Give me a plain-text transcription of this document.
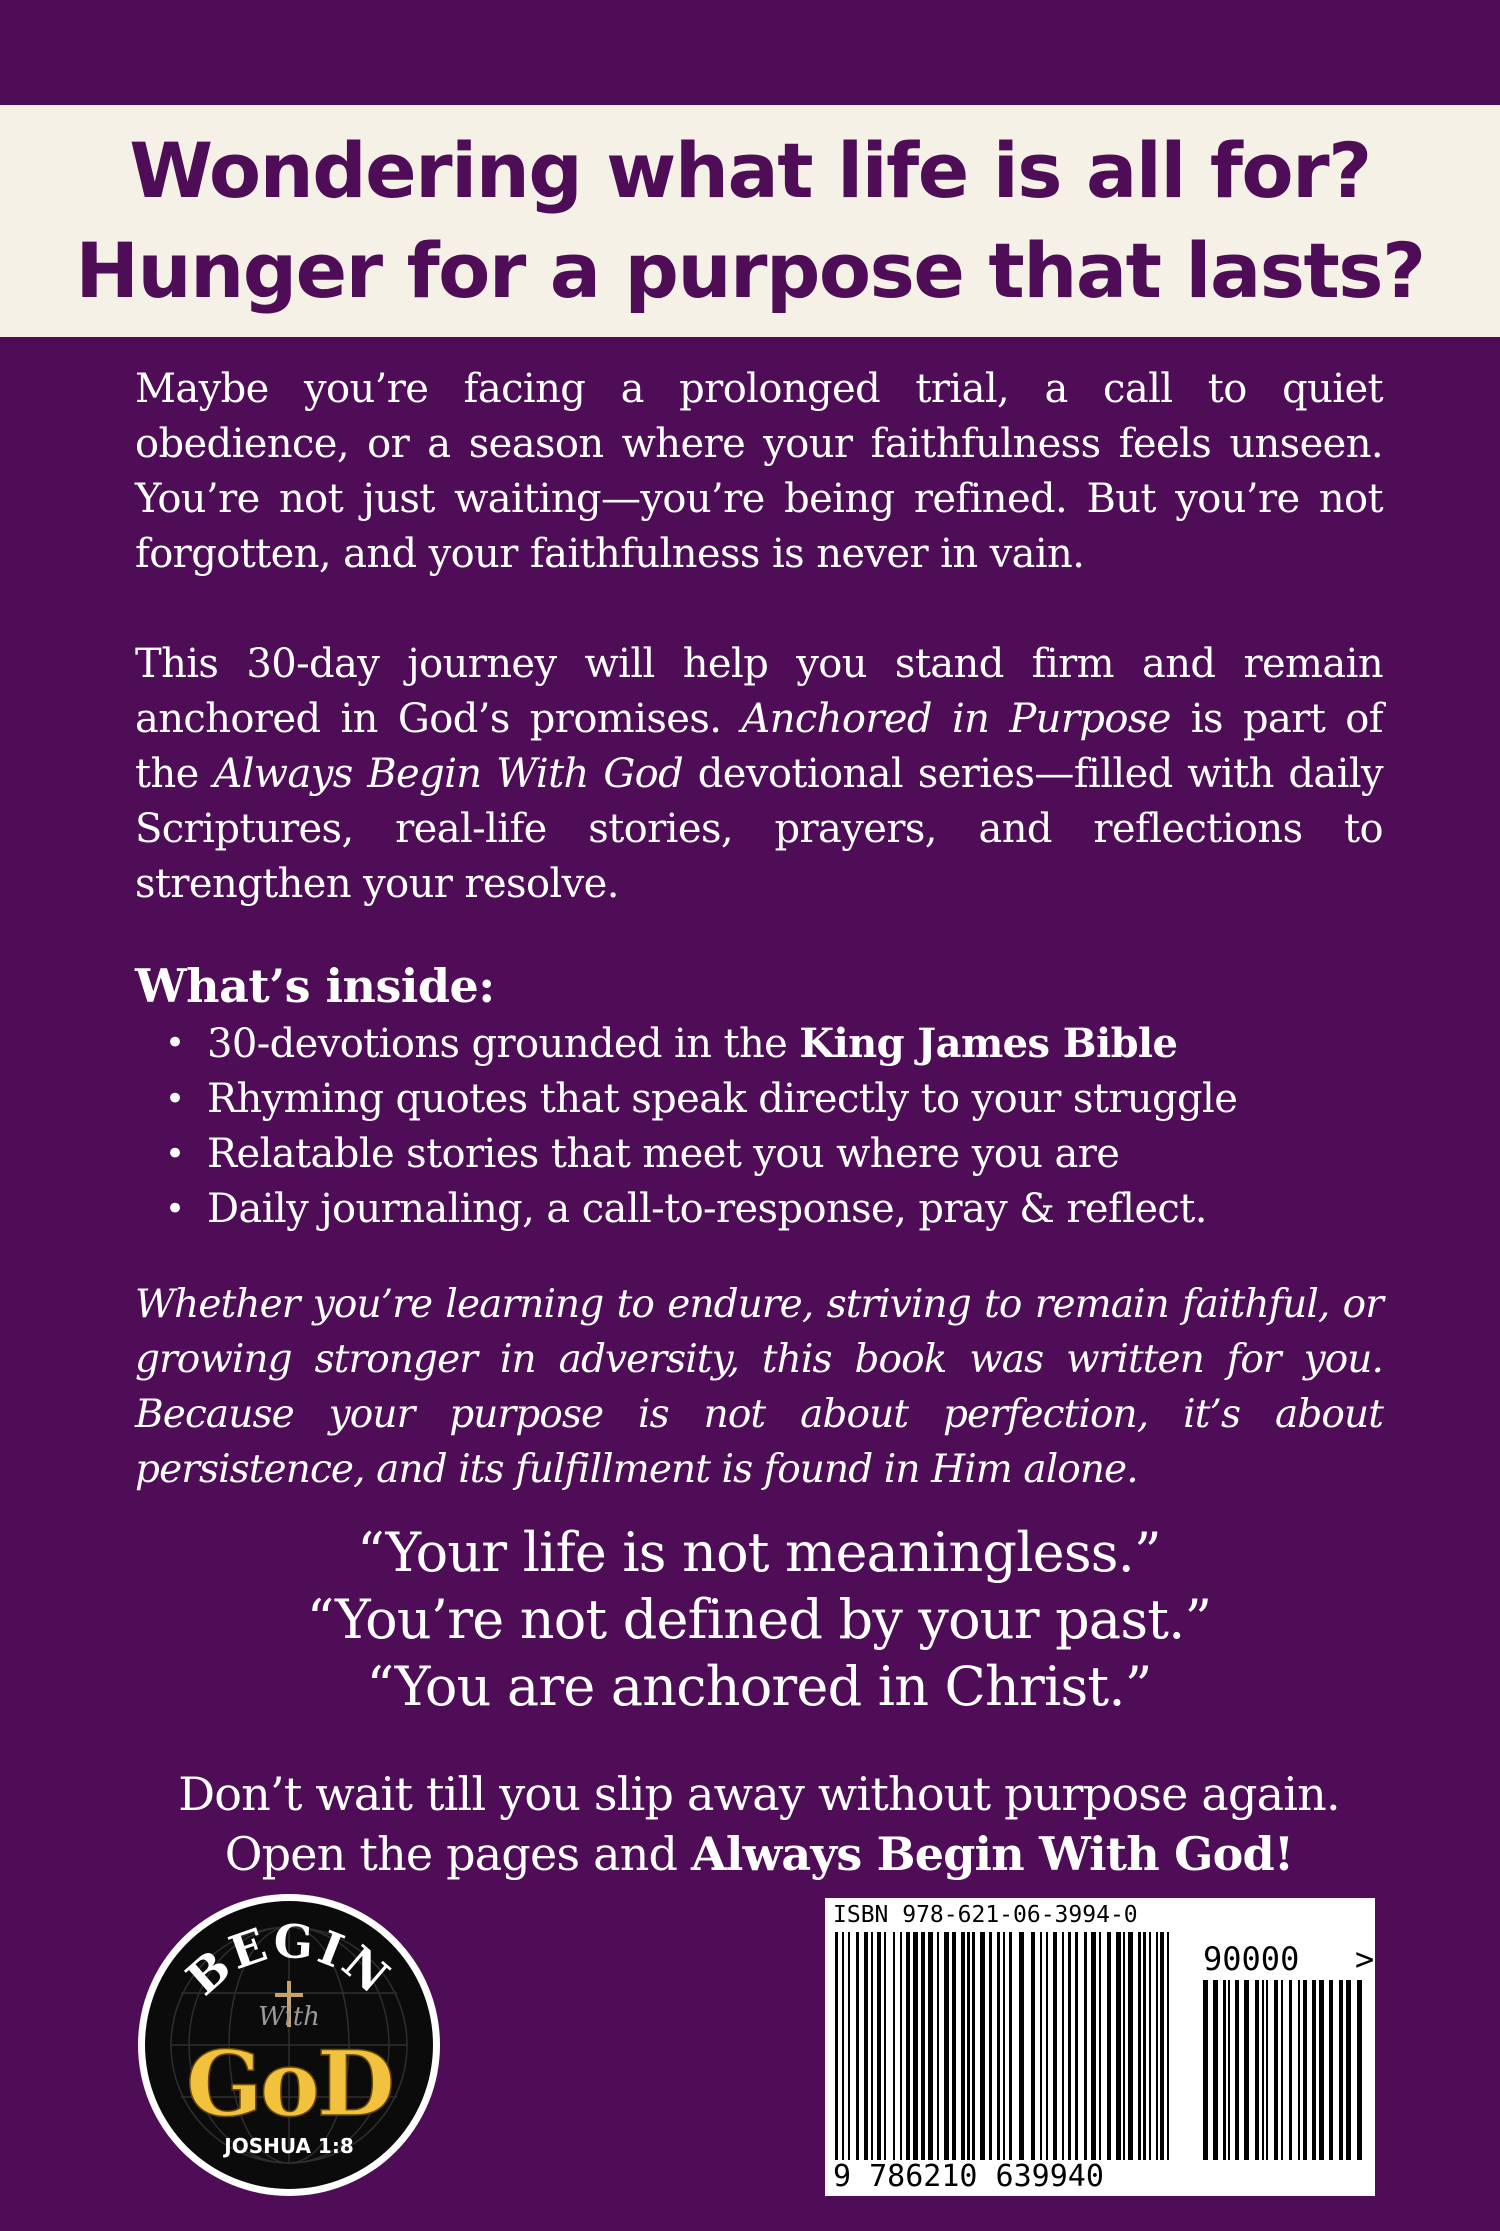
Wondering what life is all for?
Hunger for a purpose that lasts?

Maybe you’re facing a prolonged trial, a call to quiet obedience, or a season where your faithfulness feels unseen. You’re not just waiting—you’re being refined. But you’re not forgotten, and your faithfulness is never in vain.

This 30-day journey will help you stand firm and remain anchored in God’s promises. Anchored in Purpose is part of the Always Begin With God devotional series—filled with daily Scriptures, real-life stories, prayers, and reflections to strengthen your resolve.

What’s inside:
• 30-devotions grounded in the King James Bible
• Rhyming quotes that speak directly to your struggle
• Relatable stories that meet you where you are
• Daily journaling, a call-to-response, pray & reflect.

Whether you’re learning to endure, striving to remain faithful, or growing stronger in adversity, this book was written for you. Because your purpose is not about perfection, it’s about persistence, and its fulfillment is found in Him alone.

“Your life is not meaningless.”
“You’re not defined by your past.”
“You are anchored in Christ.”
Don’t wait till you slip away without purpose again.
Open the pages and Always Begin With God!
BEGIN
With
GoD
JOSHUA 1:8
ISBN 978-621-06-3994-0
90000 >
9 786210 639940
